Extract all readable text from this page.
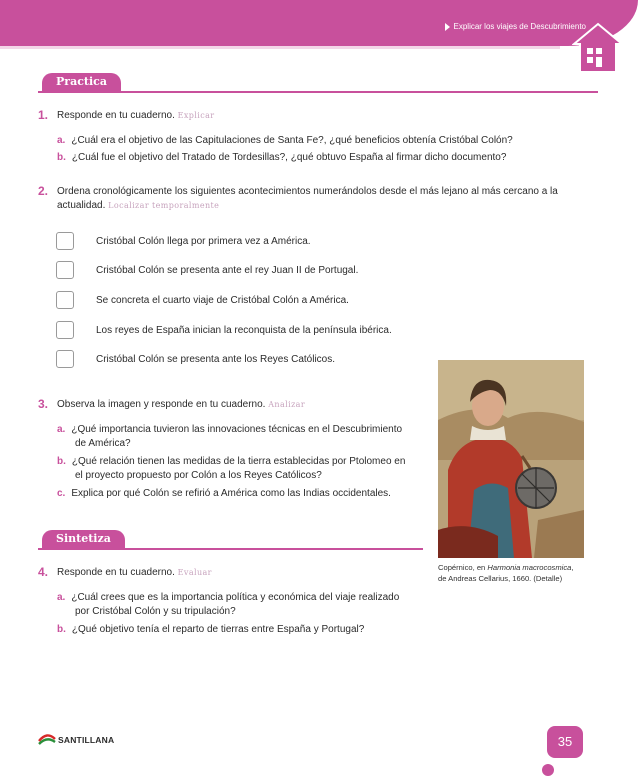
Explicar los viajes de Descubrimiento
Practica
1. Responde en tu cuaderno. Explicar
a. ¿Cuál era el objetivo de las Capitulaciones de Santa Fe?, ¿qué beneficios obtenía Cristóbal Colón?
b. ¿Cuál fue el objetivo del Tratado de Tordesillas?, ¿qué obtuvo España al firmar dicho documento?
2. Ordena cronológicamente los siguientes acontecimientos numerándolos desde el más lejano al más cercano a la
actualidad. Localizar temporalmente
Cristóbal Colón llega por primera vez a América.
Cristóbal Colón se presenta ante el rey Juan II de Portugal.
Se concreta el cuarto viaje de Cristóbal Colón a América.
Los reyes de España inician la reconquista de la península ibérica.
Cristóbal Colón se presenta ante los Reyes Católicos.
3. Observa la imagen y responde en tu cuaderno. Analizar
a. ¿Qué importancia tuvieron las innovaciones técnicas en el Descubrimiento
de América?
b. ¿Qué relación tienen las medidas de la tierra establecidas por Ptolomeo en
el proyecto propuesto por Colón a los Reyes Católicos?
c. Explica por qué Colón se refirió a América como las Indias occidentales.
Copérnico, en Harmonia macrocosmica,
de Andreas Cellarius, 1660. (Detalle)
Sintetiza
4. Responde en tu cuaderno. Evaluar
a. ¿Cuál crees que es la importancia política y económica del viaje realizado
por Cristóbal Colón y su tripulación?
b. ¿Qué objetivo tenía el reparto de tierras entre España y Portugal?
SANTILLANA	35
